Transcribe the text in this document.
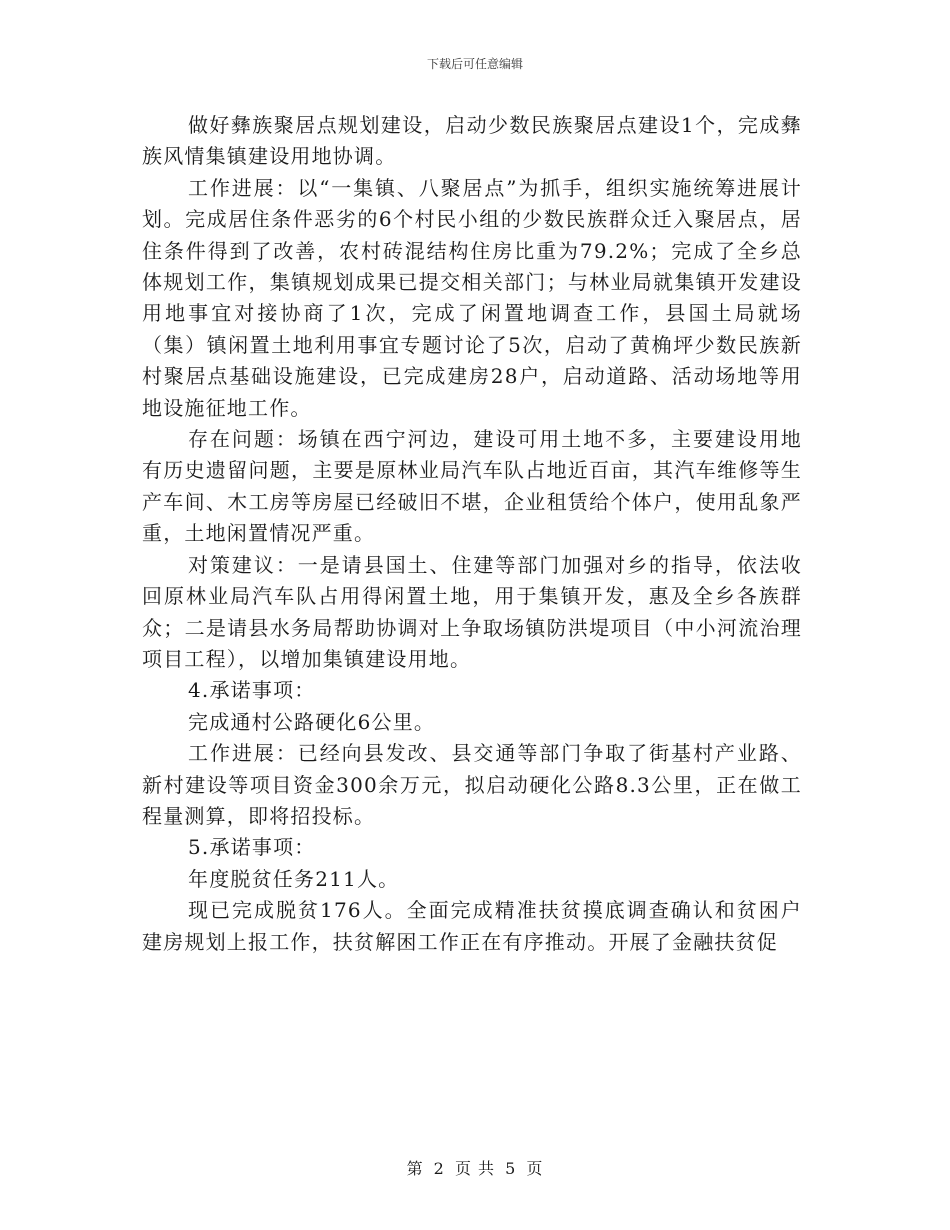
下载后可任意编辑

做好彝族聚居点规划建设，启动少数民族聚居点建设1个，完成彝族风情集镇建设用地协调。

工作进展：以“一集镇、八聚居点”为抓手，组织实施统筹进展计划。完成居住条件恶劣的6个村民小组的少数民族群众迁入聚居点，居住条件得到了改善，农村砖混结构住房比重为79.2%；完成了全乡总体规划工作，集镇规划成果已提交相关部门；与林业局就集镇开发建设用地事宜对接协商了1次，完成了闲置地调查工作，县国土局就场（集）镇闲置土地利用事宜专题讨论了5次，启动了黄桷坪少数民族新村聚居点基础设施建设，已完成建房28户，启动道路、活动场地等用地设施征地工作。

存在问题：场镇在西宁河边，建设可用土地不多，主要建设用地有历史遗留问题，主要是原林业局汽车队占地近百亩，其汽车维修等生产车间、木工房等房屋已经破旧不堪，企业租赁给个体户，使用乱象严重，土地闲置情况严重。

对策建议：一是请县国土、住建等部门加强对乡的指导，依法收回原林业局汽车队占用得闲置土地，用于集镇开发，惠及全乡各族群众；二是请县水务局帮助协调对上争取场镇防洪堤项目（中小河流治理项目工程），以增加集镇建设用地。

4.承诺事项：

完成通村公路硬化6公里。

工作进展：已经向县发改、县交通等部门争取了街基村产业路、新村建设等项目资金300余万元，拟启动硬化公路8.3公里，正在做工程量测算，即将招投标。

5.承诺事项：

年度脱贫任务211人。

现已完成脱贫176人。全面完成精准扶贫摸底调查确认和贫困户建房规划上报工作，扶贫解困工作正在有序推动。开展了金融扶贫促

第 2 页 共 5 页
